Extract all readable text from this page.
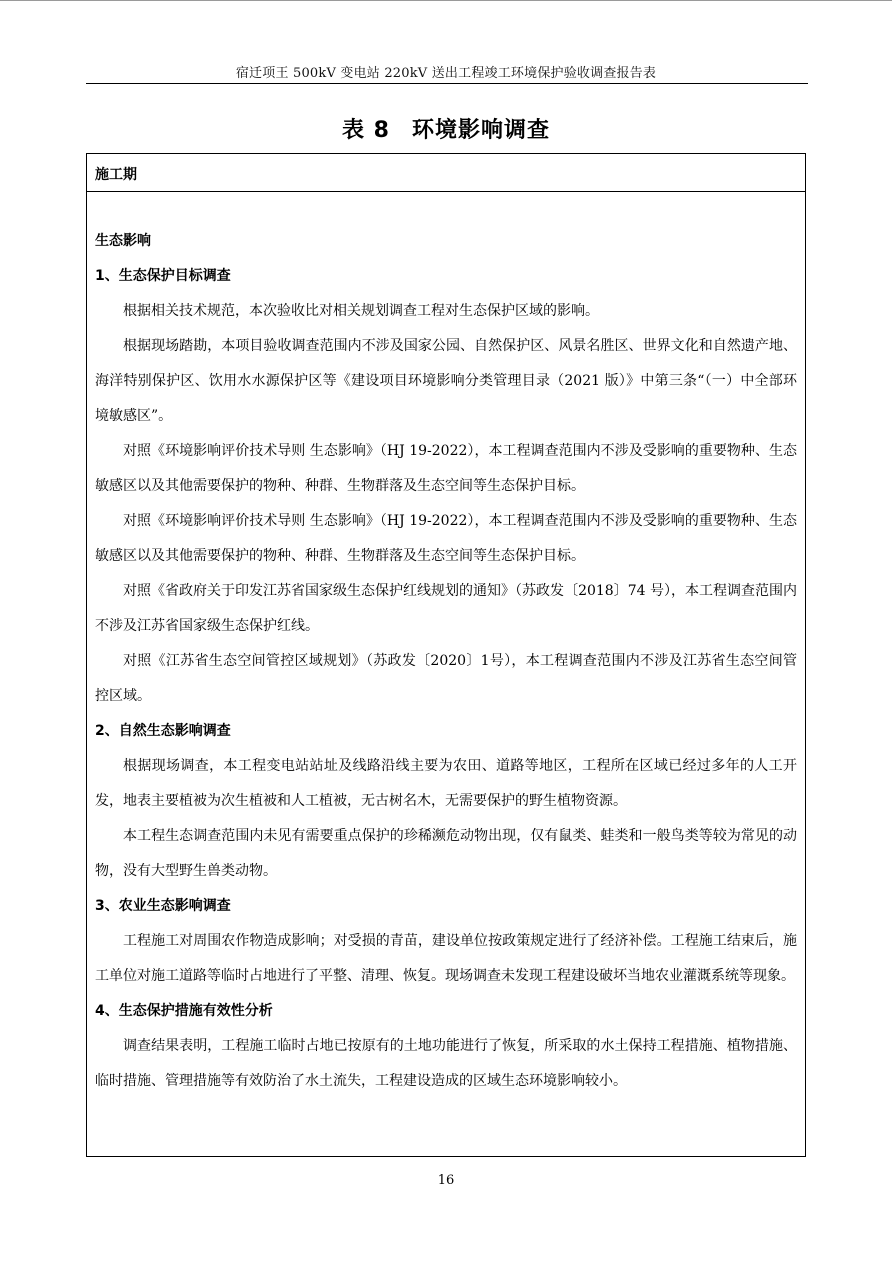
宿迁项王 500kV 变电站 220kV 送出工程竣工环境保护验收调查报告表
表 8 环境影响调查
施工期
生态影响
1、生态保护目标调查

根据相关技术规范，本次验收比对相关规划调查工程对生态保护区域的影响。

根据现场踏勘，本项目验收调查范围内不涉及国家公园、自然保护区、风景名胜区、世界文化和自然遗产地、海洋特别保护区、饮用水水源保护区等《建设项目环境影响分类管理目录（2021 版）》中第三条“（一）中全部环境敏感区”。

对照《环境影响评价技术导则 生态影响》（HJ 19-2022），本工程调查范围内不涉及受影响的重要物种、生态敏感区以及其他需要保护的物种、种群、生物群落及生态空间等生态保护目标。

对照《环境影响评价技术导则 生态影响》（HJ 19-2022），本工程调查范围内不涉及受影响的重要物种、生态敏感区以及其他需要保护的物种、种群、生物群落及生态空间等生态保护目标。

对照《省政府关于印发江苏省国家级生态保护红线规划的通知》（苏政发〔2018〕74 号），本工程调查范围内不涉及江苏省国家级生态保护红线。

对照《江苏省生态空间管控区域规划》（苏政发〔2020〕1号），本工程调查范围内不涉及江苏省生态空间管控区域。

2、自然生态影响调查

根据现场调查，本工程变电站站址及线路沿线主要为农田、道路等地区，工程所在区域已经过多年的人工开发，地表主要植被为次生植被和人工植被，无古树名木，无需要保护的野生植物资源。

本工程生态调查范围内未见有需要重点保护的珍稀濒危动物出现，仅有鼠类、蛙类和一般鸟类等较为常见的动物，没有大型野生兽类动物。

3、农业生态影响调查

工程施工对周围农作物造成影响；对受损的青苗，建设单位按政策规定进行了经济补偿。工程施工结束后，施工单位对施工道路等临时占地进行了平整、清理、恢复。现场调查未发现工程建设破坏当地农业灌溉系统等现象。

4、生态保护措施有效性分析

调查结果表明，工程施工临时占地已按原有的土地功能进行了恢复，所采取的水土保持工程措施、植物措施、临时措施、管理措施等有效防治了水土流失，工程建设造成的区域生态环境影响较小。

16
